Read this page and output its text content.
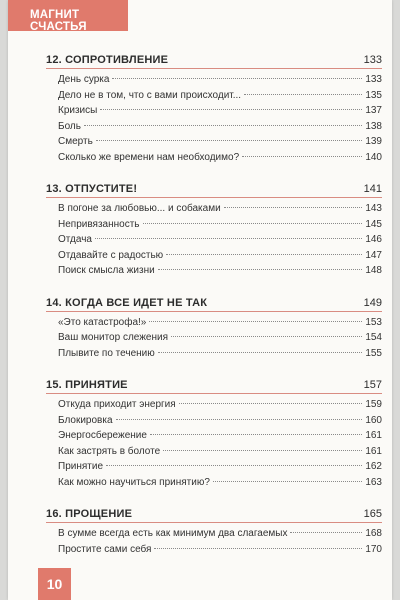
МАГНИТ СЧАСТЬЯ
12. СОПРОТИВЛЕНИЕ	133
День сурка	133
Дело не в том, что с вами происходит...	135
Кризисы	137
Боль	138
Смерть	139
Сколько же времени нам необходимо?	140
13. ОТПУСТИТЕ!	141
В погоне за любовью... и собаками	143
Непривязанность	145
Отдача	146
Отдавайте с радостью	147
Поиск смысла жизни	148
14. КОГДА ВСЕ ИДЕТ НЕ ТАК	149
«Это катастрофа!»	153
Ваш монитор слежения	154
Плывите по течению	155
15. ПРИНЯТИЕ	157
Откуда приходит энергия	159
Блокировка	160
Энергосбережение	161
Как застрять в болоте	161
Принятие	162
Как можно научиться принятию?	163
16. ПРОЩЕНИЕ	165
В сумме всегда есть как минимум два слагаемых	168
Простите сами себя	170
10
